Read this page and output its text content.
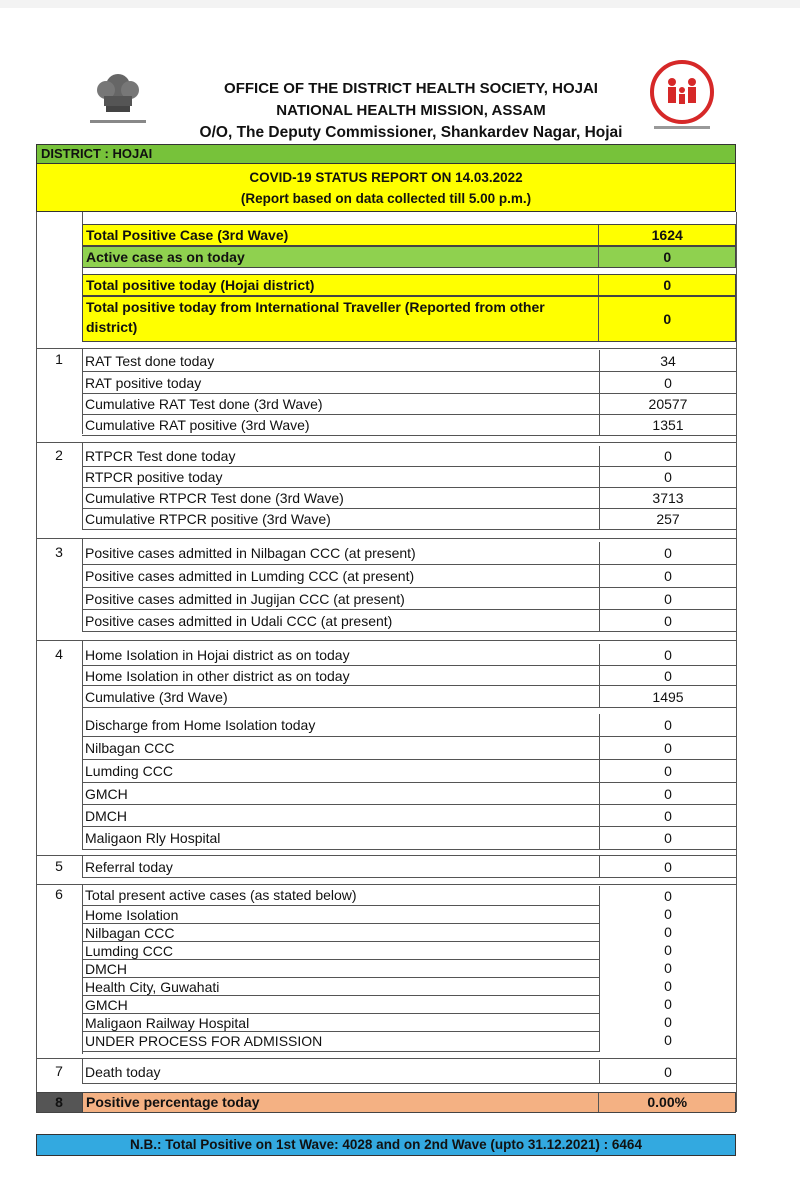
OFFICE OF THE DISTRICT HEALTH SOCIETY, HOJAI
NATIONAL HEALTH MISSION, ASSAM
O/O, The Deputy Commissioner, Shankardev Nagar, Hojai
DISTRICT : HOJAI
COVID-19 STATUS REPORT ON 14.03.2022
(Report based on data collected till 5.00 p.m.)
Total Positive Case (3rd Wave)	1624
Active case as on today	0
Total positive today (Hojai district)	0
Total positive today from International Traveller (Reported from other district)	0
1	RAT Test done today	34
RAT positive today	0
Cumulative RAT Test done (3rd Wave)	20577
Cumulative RAT positive (3rd Wave)	1351
2	RTPCR Test done today	0
RTPCR positive today	0
Cumulative RTPCR Test done (3rd Wave)	3713
Cumulative RTPCR positive (3rd Wave)	257
3	Positive cases admitted in Nilbagan CCC (at present)	0
Positive cases admitted in Lumding CCC (at present)	0
Positive cases admitted in Jugijan CCC (at present)	0
Positive cases admitted in Udali CCC (at present)	0
4	Home Isolation in Hojai district as on today	0
Home Isolation in other district as on today	0
Cumulative (3rd Wave)	1495
Discharge from Home Isolation today	0
Nilbagan CCC	0
Lumding CCC	0
GMCH	0
DMCH	0
Maligaon Rly Hospital	0
5	Referral today	0
6	Total present active cases (as stated below)	0
Home Isolation	0
Nilbagan CCC	0
Lumding CCC	0
DMCH	0
Health City, Guwahati	0
GMCH	0
Maligaon Railway Hospital	0
UNDER PROCESS FOR ADMISSION	0
7	Death today	0
8	Positive percentage today	0.00%
N.B.: Total Positive on 1st Wave: 4028 and on 2nd Wave (upto 31.12.2021) : 6464
